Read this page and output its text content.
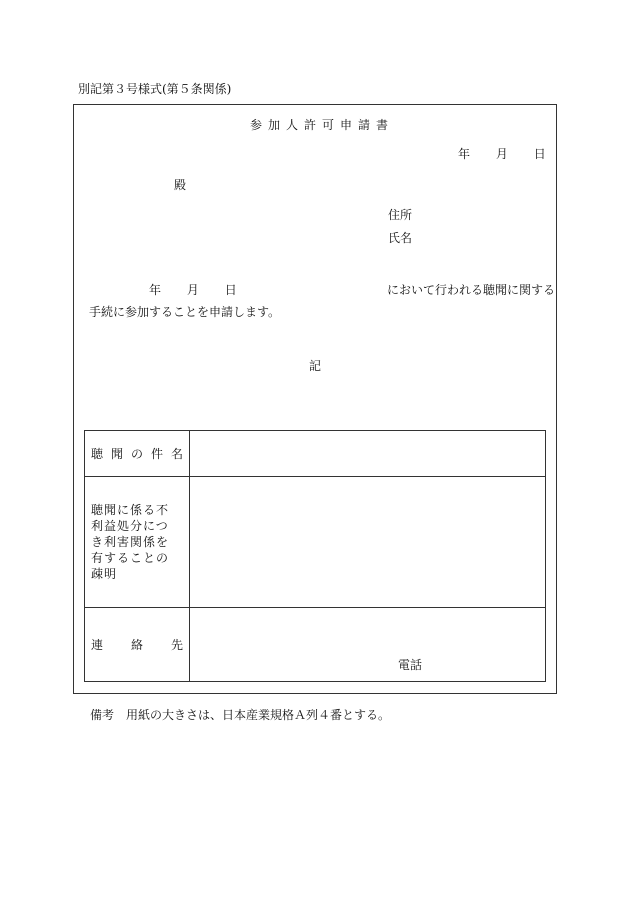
別記第３号様式(第５条関係)
参加人許可申請書
年 月 日
殿
住所
氏名
年 月 日	において行われる聴聞に関する
手続に参加することを申請します。
記
聴 聞 の 件 名	

聴聞に係る不利益処分につき利害関係を有することの疎明	

連 絡 先	電話
備考　用紙の大きさは、日本産業規格Ａ列４番とする。
